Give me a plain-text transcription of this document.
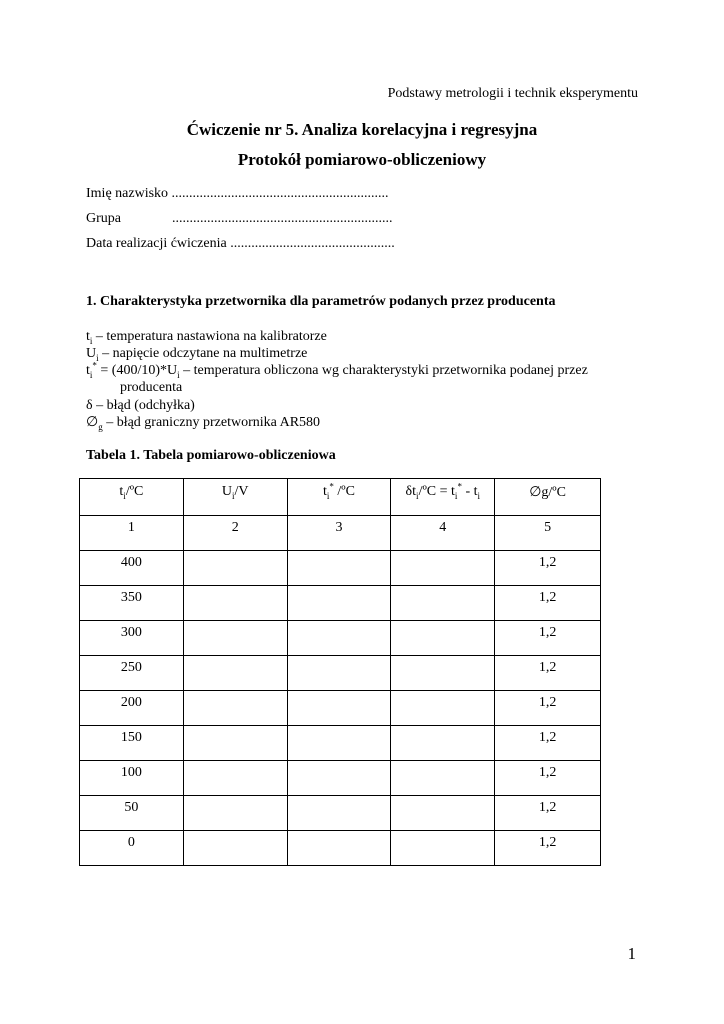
Podstawy metrologii i technik eksperymentu
Ćwiczenie nr 5. Analiza korelacyjna i regresyjna
Protokół pomiarowo-obliczeniowy
Imię nazwisko ..............................................................
Grupa	...............................................................
Data realizacji ćwiczenia ...............................................
1. Charakterystyka przetwornika dla parametrów podanych przez producenta
$t_i$ – temperatura nastawiona na kalibratorze
$U_i$ – napięcie odczytane na multimetrze
$t_i^* = (400/10)*U_i$ – temperatura obliczona wg charakterystyki przetwornika podanej przez
producenta
δ – błąd (odchyłka)
$\emptyset_g$ – błąd graniczny przetwornika AR580
Tabela 1. Tabela pomiarowo-obliczeniowa
$t_i/ºC$	$U_i/V$	$t_i^*$ /ºC	$\delta t_i/ºC = t_i^* - t_i$	∅g/ºC
1	2	3	4	5
400				1,2
350				1,2
300				1,2
250				1,2
200				1,2
150				1,2
100				1,2
50				1,2
0				1,2
1
